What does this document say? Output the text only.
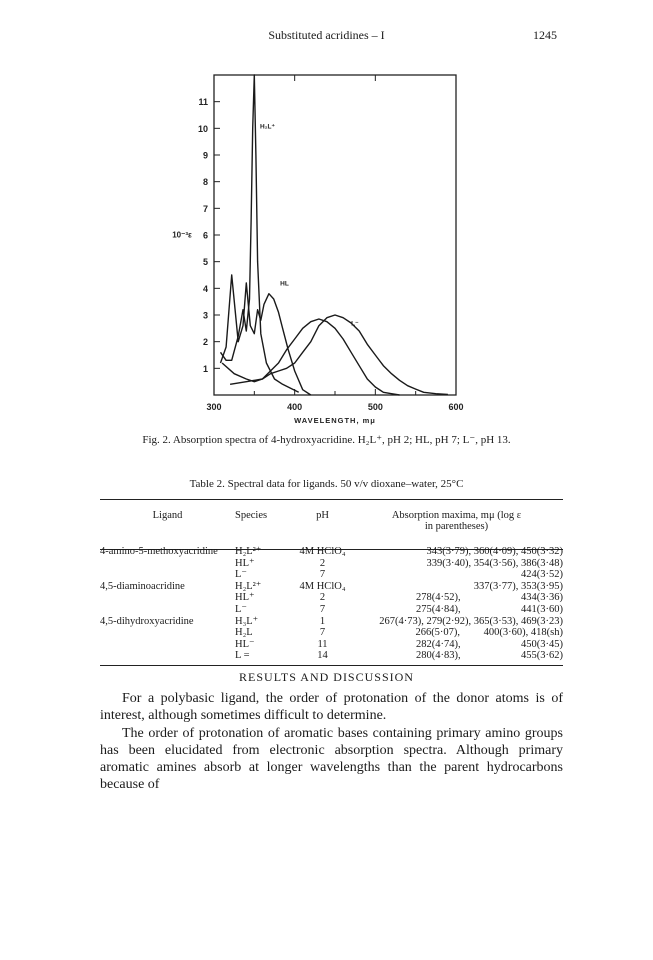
Substituted acridines – I	1245
1
2
3
4
5
6
7
8
9
10
11
300	400	500	600
WAVELENGTH, mμ
10⁻³ε
H₂L⁺
HL
L⁻
Fig. 2. Absorption spectra of 4-hydroxyacridine. H₂L⁺, pH 2; HL, pH 7; L⁻, pH 13.
Table 2. Spectral data for ligands. 50 v/v dioxane–water, 25°C
Ligand	Species	pH	Absorption maxima, mμ (log ε
in parentheses)

4-amino-5-methoxyacridine	H₂L²⁺	4M HClO₄	343(3·79), 360(4·09), 450(3·32)
	HL⁺	2	339(3·40), 354(3·56), 386(3·48)
	L⁻	7	424(3·52)
4,5-diaminoacridine	H₂L²⁺	4M HClO₄	337(3·77), 353(3·95)
	HL⁺	2	278(4·52),                       434(3·36)
	L⁻	7	275(4·84),                       441(3·60)
4,5-dihydroxyacridine	H₃L⁺	1	267(4·73), 279(2·92), 365(3·53), 469(3·23)
	H₂L	7	266(5·07),         400(3·60), 418(sh)
	HL⁻	11	282(4·74),                       450(3·45)
	L =	14	280(4·83),                       455(3·62)
RESULTS AND DISCUSSION
For a polybasic ligand, the order of protonation of the donor atoms is of interest, although sometimes difficult to determine.
The order of protonation of aromatic bases containing primary amino groups has been elucidated from electronic absorption spectra. Although primary aromatic amines absorb at longer wavelengths than the parent hydrocarbons because of
